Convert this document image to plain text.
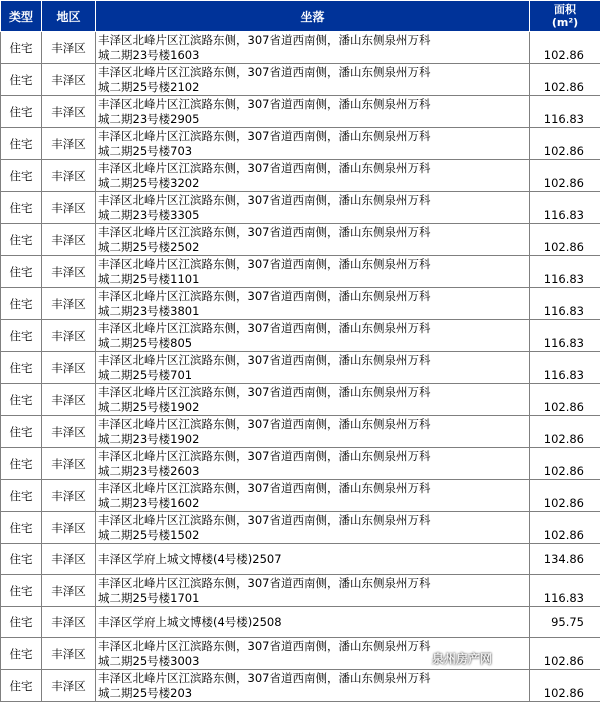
类型	地区	坐落	面积
(m²)

住宅	丰泽区	丰泽区北峰片区江滨路东侧，307省道西南侧，潘山东侧泉州万科
城二期23号楼1603	102.86
住宅	丰泽区	丰泽区北峰片区江滨路东侧，307省道西南侧，潘山东侧泉州万科
城二期25号楼2102	102.86
住宅	丰泽区	丰泽区北峰片区江滨路东侧，307省道西南侧，潘山东侧泉州万科
城二期23号楼2905	116.83
住宅	丰泽区	丰泽区北峰片区江滨路东侧，307省道西南侧，潘山东侧泉州万科
城二期25号楼703	102.86
住宅	丰泽区	丰泽区北峰片区江滨路东侧，307省道西南侧，潘山东侧泉州万科
城二期25号楼3202	102.86
住宅	丰泽区	丰泽区北峰片区江滨路东侧，307省道西南侧，潘山东侧泉州万科
城二期23号楼3305	116.83
住宅	丰泽区	丰泽区北峰片区江滨路东侧，307省道西南侧，潘山东侧泉州万科
城二期25号楼2502	102.86
住宅	丰泽区	丰泽区北峰片区江滨路东侧，307省道西南侧，潘山东侧泉州万科
城二期25号楼1101	116.83
住宅	丰泽区	丰泽区北峰片区江滨路东侧，307省道西南侧，潘山东侧泉州万科
城二期23号楼3801	116.83
住宅	丰泽区	丰泽区北峰片区江滨路东侧，307省道西南侧，潘山东侧泉州万科
城二期25号楼805	116.83
住宅	丰泽区	丰泽区北峰片区江滨路东侧，307省道西南侧，潘山东侧泉州万科
城二期25号楼701	116.83
住宅	丰泽区	丰泽区北峰片区江滨路东侧，307省道西南侧，潘山东侧泉州万科
城二期25号楼1902	102.86
住宅	丰泽区	丰泽区北峰片区江滨路东侧，307省道西南侧，潘山东侧泉州万科
城二期23号楼1902	102.86
住宅	丰泽区	丰泽区北峰片区江滨路东侧，307省道西南侧，潘山东侧泉州万科
城二期23号楼2603	102.86
住宅	丰泽区	丰泽区北峰片区江滨路东侧，307省道西南侧，潘山东侧泉州万科
城二期23号楼1602	102.86
住宅	丰泽区	丰泽区北峰片区江滨路东侧，307省道西南侧，潘山东侧泉州万科
城二期25号楼1502	102.86
住宅	丰泽区	丰泽区学府上城文博楼(4号楼)2507	134.86
住宅	丰泽区	丰泽区北峰片区江滨路东侧，307省道西南侧，潘山东侧泉州万科
城二期25号楼1701	116.83
住宅	丰泽区	丰泽区学府上城文博楼(4号楼)2508	95.75
住宅	丰泽区	丰泽区北峰片区江滨路东侧，307省道西南侧，潘山东侧泉州万科
城二期25号楼3003	102.86
住宅	丰泽区	丰泽区北峰片区江滨路东侧，307省道西南侧，潘山东侧泉州万科
城二期25号楼203	102.86
泉州房产网
